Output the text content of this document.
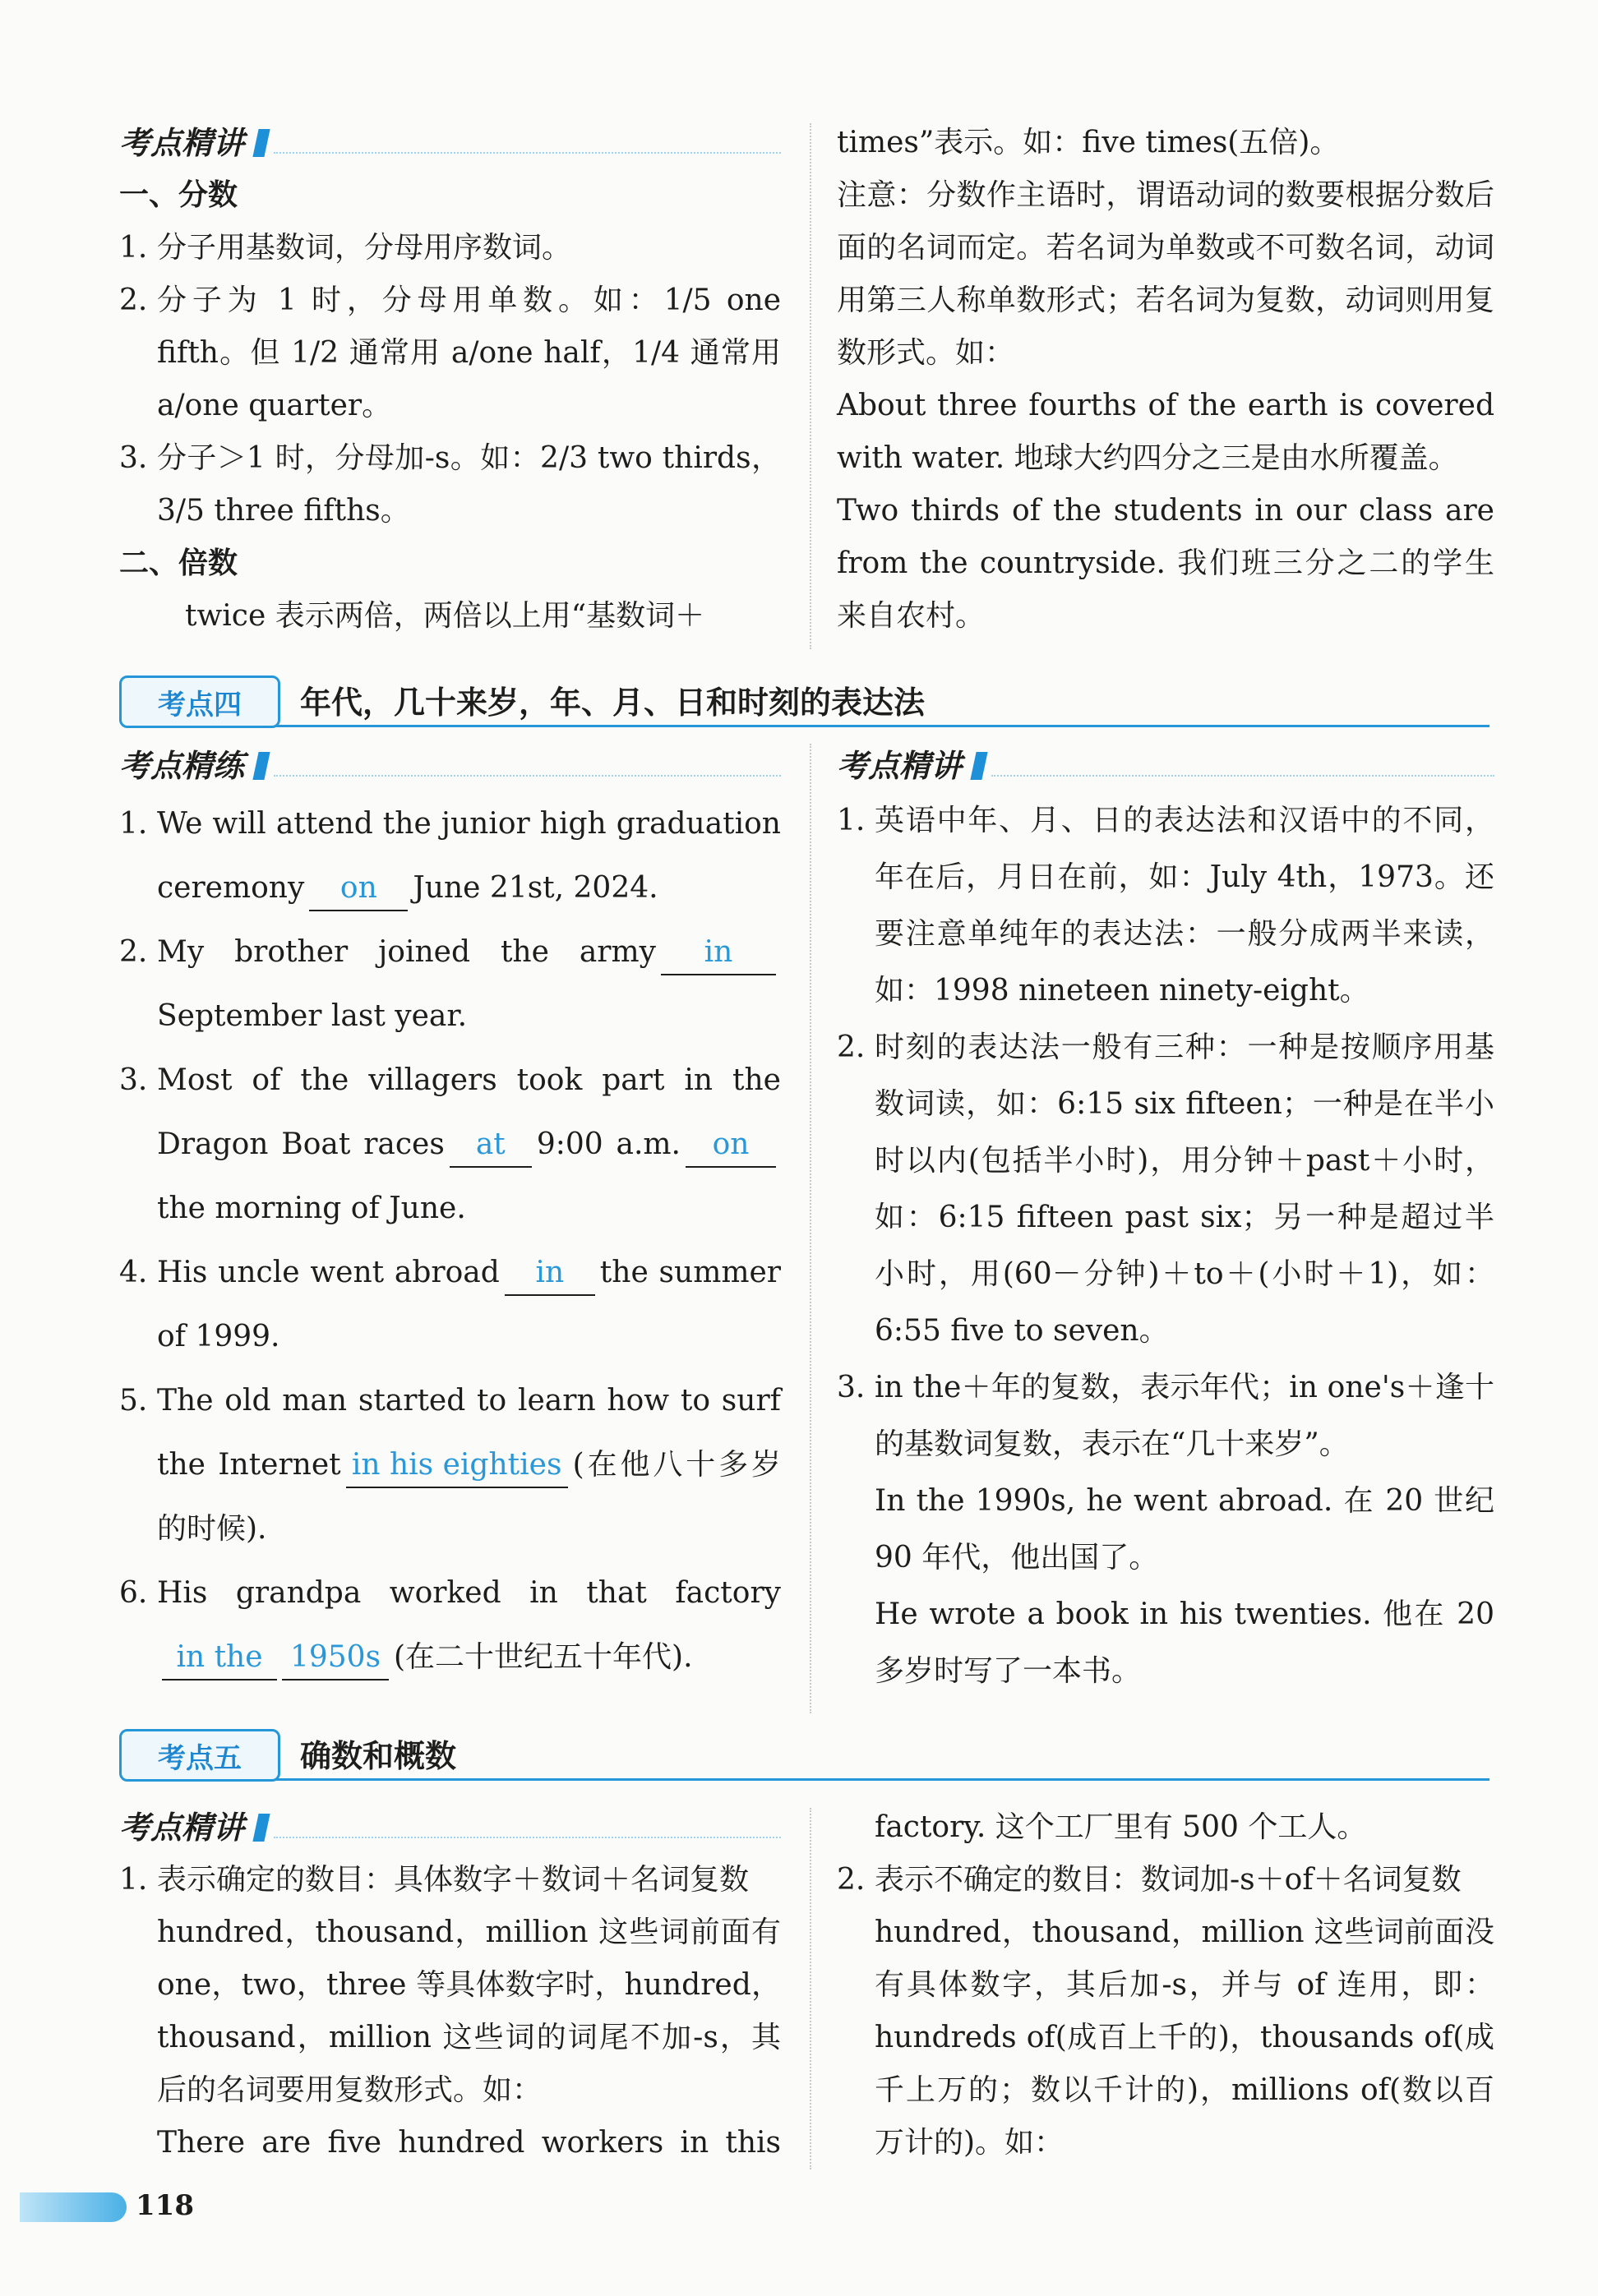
考点精讲

一、分数

1. 分子用基数词，分母用序数词。
2. 分子为 1 时，分母用单数。如：1/5 one fifth。但 1/2 通常用 a/one half，1/4 通常用 a/one quarter。
3. 分子＞1 时，分母加-s。如：2/3 two thirds，3/5 three fifths。

二、倍数

twice 表示两倍，两倍以上用“基数词＋

times”表示。如：five times(五倍)。

注意：分数作主语时，谓语动词的数要根据分数后面的名词而定。若名词为单数或不可数名词，动词用第三人称单数形式；若名词为复数，动词则用复数形式。如：

About three fourths of the earth is covered with water. 地球大约四分之三是由水所覆盖。

Two thirds of the students in our class are from the countryside. 我们班三分之二的学生来自农村。

考点四	年代，几十来岁，年、月、日和时刻的表达法
考点精练
1. We will attend the junior high graduation ceremony on June 21st, 2024.
2. My brother joined the army inSeptember last year.
3. Most of the villagers took part in the Dragon Boat races at 9:00 a.m. onthe morning of June.
4. His uncle went abroad in the summer of 1999.
5. The old man started to learn how to surf the Internet in his eighties (在他八十多岁的时候).
6. His grandpa worked in that factoryin the 1950s (在二十世纪五十年代).
考点精讲
1. 英语中年、月、日的表达法和汉语中的不同，年在后，月日在前，如：July 4th，1973。还要注意单纯年的表达法：一般分成两半来读，如：1998 nineteen ninety-eight。
2. 时刻的表达法一般有三种：一种是按顺序用基数词读，如：6:15 six fifteen；一种是在半小时以内(包括半小时)，用分钟＋past＋小时，如：6:15 fifteen past six；另一种是超过半小时，用(60－分钟)＋to＋(小时＋1)，如：6:55 five to seven。
3. in the＋年的复数，表示年代；in one's＋逢十的基数词复数，表示在“几十来岁”。

In the 1990s, he went abroad. 在 20 世纪 90 年代，他出国了。

He wrote a book in his twenties. 他在 20 多岁时写了一本书。

考点五	确数和概数
考点精讲
1. 表示确定的数目：具体数字＋数词＋名词复数

hundred，thousand，million 这些词前面有 one，two，three 等具体数字时，hundred，thousand，million 这些词的词尾不加-s，其后的名词要用复数形式。如：

There are five hundred workers in this

factory. 这个工厂里有 500 个工人。

2. 表示不确定的数目：数词加-s＋of＋名词复数

hundred，thousand，million 这些词前面没有具体数字，其后加-s，并与 of 连用，即：hundreds of(成百上千的)，thousands of(成千上万的；数以千计的)，millions of(数以百万计的)。如：

118
